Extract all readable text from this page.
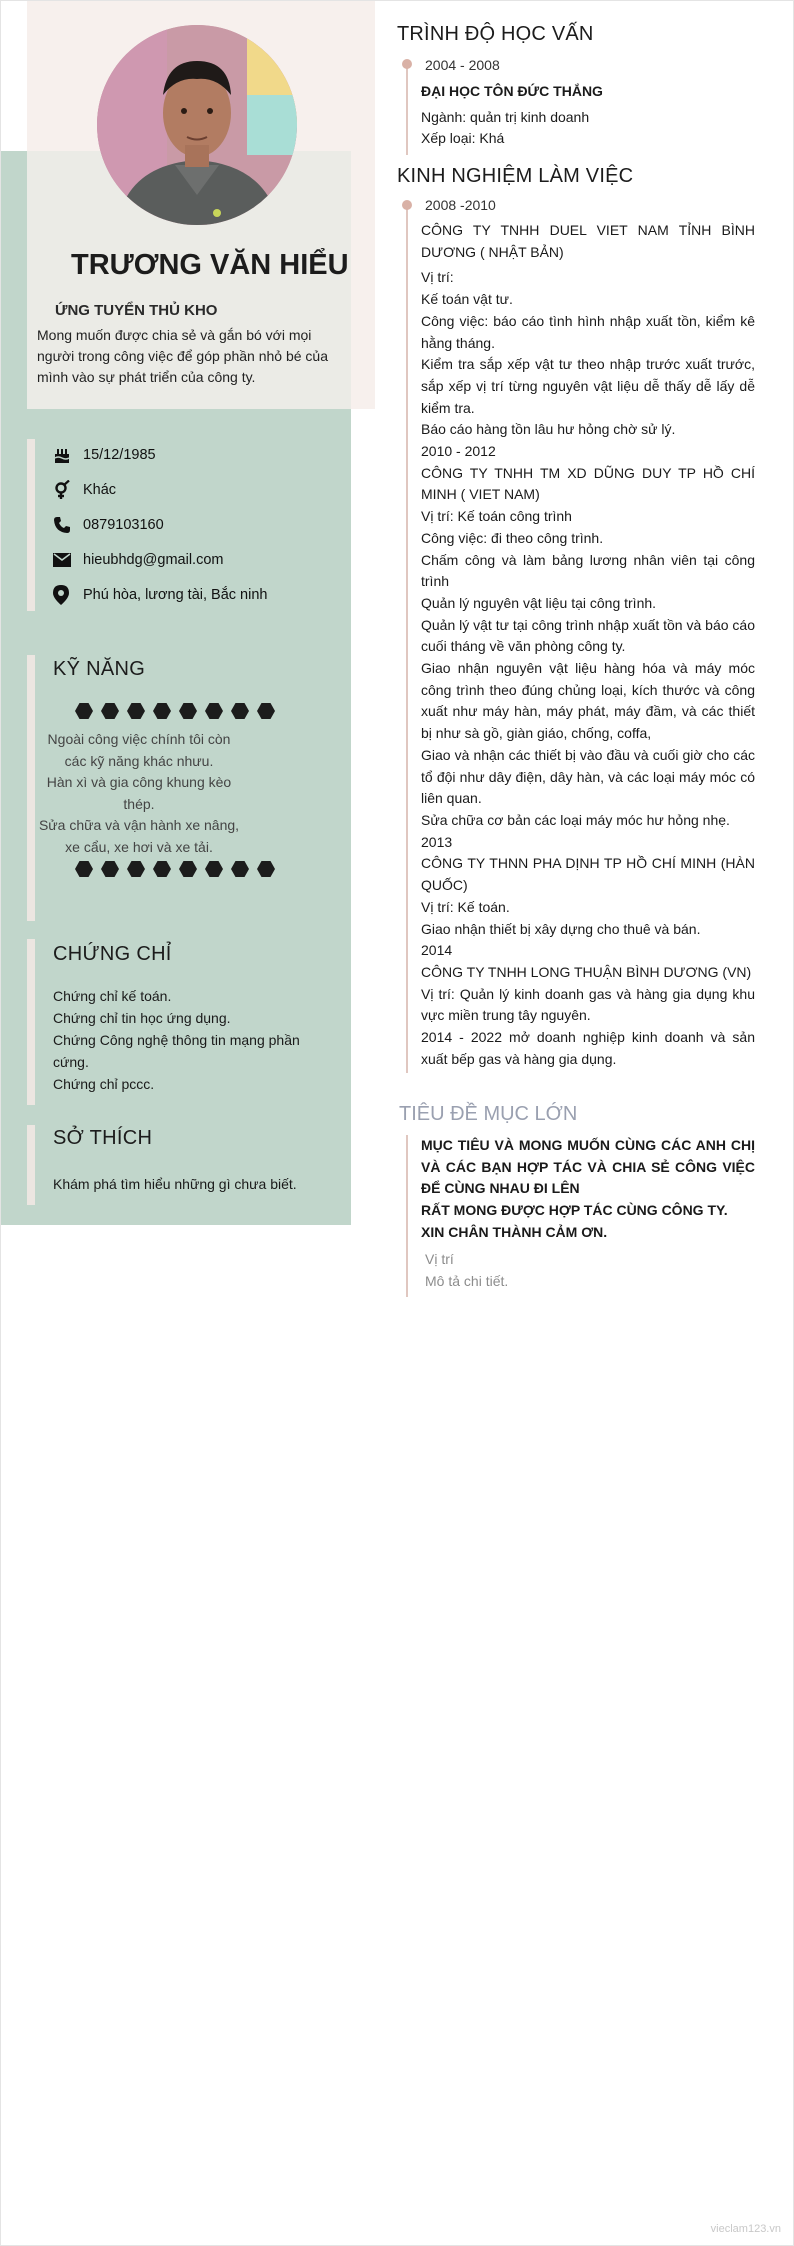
TRƯƠNG VĂN HIỂU
ỨNG TUYỂN THỦ KHO
Mong muốn được chia sẻ và gắn bó với mọi người trong công việc để góp phần nhỏ bé của mình vào sự phát triển của công ty.
15/12/1985
Khác
0879103160
hieubhdg@gmail.com
Phú hòa, lương tài, Bắc ninh
KỸ NĂNG
Ngoài công việc chính tôi còn
các kỹ năng khác nhưu.
Hàn xì và gia công khung kèo
thép.
Sửa chữa và vận hành xe nâng,
xe cẩu, xe hơi và xe tải.
CHỨNG CHỈ
Chứng chỉ kế toán.
Chứng chỉ tin học ứng dụng.
Chứng Công nghệ thông tin mạng phần cứng.
Chứng chỉ pccc.
SỞ THÍCH
Khám phá tìm hiểu những gì chưa biết.
TRÌNH ĐỘ HỌC VẤN
2004 - 2008
ĐẠI HỌC TÔN ĐỨC THẮNG
Ngành: quản trị kinh doanh
Xếp loại: Khá
KINH NGHIỆM LÀM VIỆC
2008 -2010
CÔNG TY TNHH DUEL VIET NAM TỈNH BÌNH DƯƠNG ( NHẬT BẢN)
Vị trí:
Kế toán vật tư.
Công việc: báo cáo tình hình nhập xuất tồn, kiểm kê hằng tháng.
Kiểm tra sắp xếp vật tư theo nhập trước xuất trước, sắp xếp vị trí từng nguyên vật liệu dễ thấy dễ lấy dễ kiểm tra.
Báo cáo hàng tồn lâu hư hỏng chờ sử lý.
2010 - 2012
CÔNG TY TNHH TM XD DŨNG DUY TP HỒ CHÍ MINH ( VIET NAM)
Vị trí: Kế toán công trình
Công việc: đi theo công trình.
Chấm công và làm bảng lương nhân viên tại công trình
Quản lý nguyên vật liệu tại công trình.
Quản lý vật tư tại công trình nhập xuất tồn và báo cáo cuối tháng về văn phòng công ty.
Giao nhận nguyên vật liệu hàng hóa và máy móc công trình theo đúng chủng loại, kích thước và công xuất như máy hàn, máy phát, máy đầm, và các thiết bị như sà gồ, giàn giáo, chống, coffa,
Giao và nhận các thiết bị vào đầu và cuối giờ cho các tổ đội như dây điện, dây hàn, và các loại máy móc có liên quan.
Sửa chữa cơ bản các loại máy móc hư hỏng nhẹ.
2013
CÔNG TY THNN PHA DỊNH TP HỒ CHÍ MINH (HÀN QUỐC)
Vị trí: Kế toán.
Giao nhận thiết bị xây dựng cho thuê và bán.
2014
CÔNG TY TNHH LONG THUẬN BÌNH DƯƠNG (VN)
Vị trí: Quản lý kinh doanh gas và hàng gia dụng khu vực miền trung tây nguyên.
2014 - 2022 mở doanh nghiệp kinh doanh và sản xuất bếp gas và hàng gia dụng.
TIÊU ĐỀ MỤC LỚN
MỤC TIÊU VÀ MONG MUỐN CÙNG CÁC ANH CHỊ VÀ CÁC BẠN HỢP TÁC VÀ CHIA SẺ CÔNG VIỆC ĐỂ CÙNG NHAU ĐI LÊN
RẤT MONG ĐƯỢC HỢP TÁC CÙNG CÔNG TY.
XIN CHÂN THÀNH CẢM ƠN.
Vị trí
Mô tả chi tiết.
vieclam123.vn
